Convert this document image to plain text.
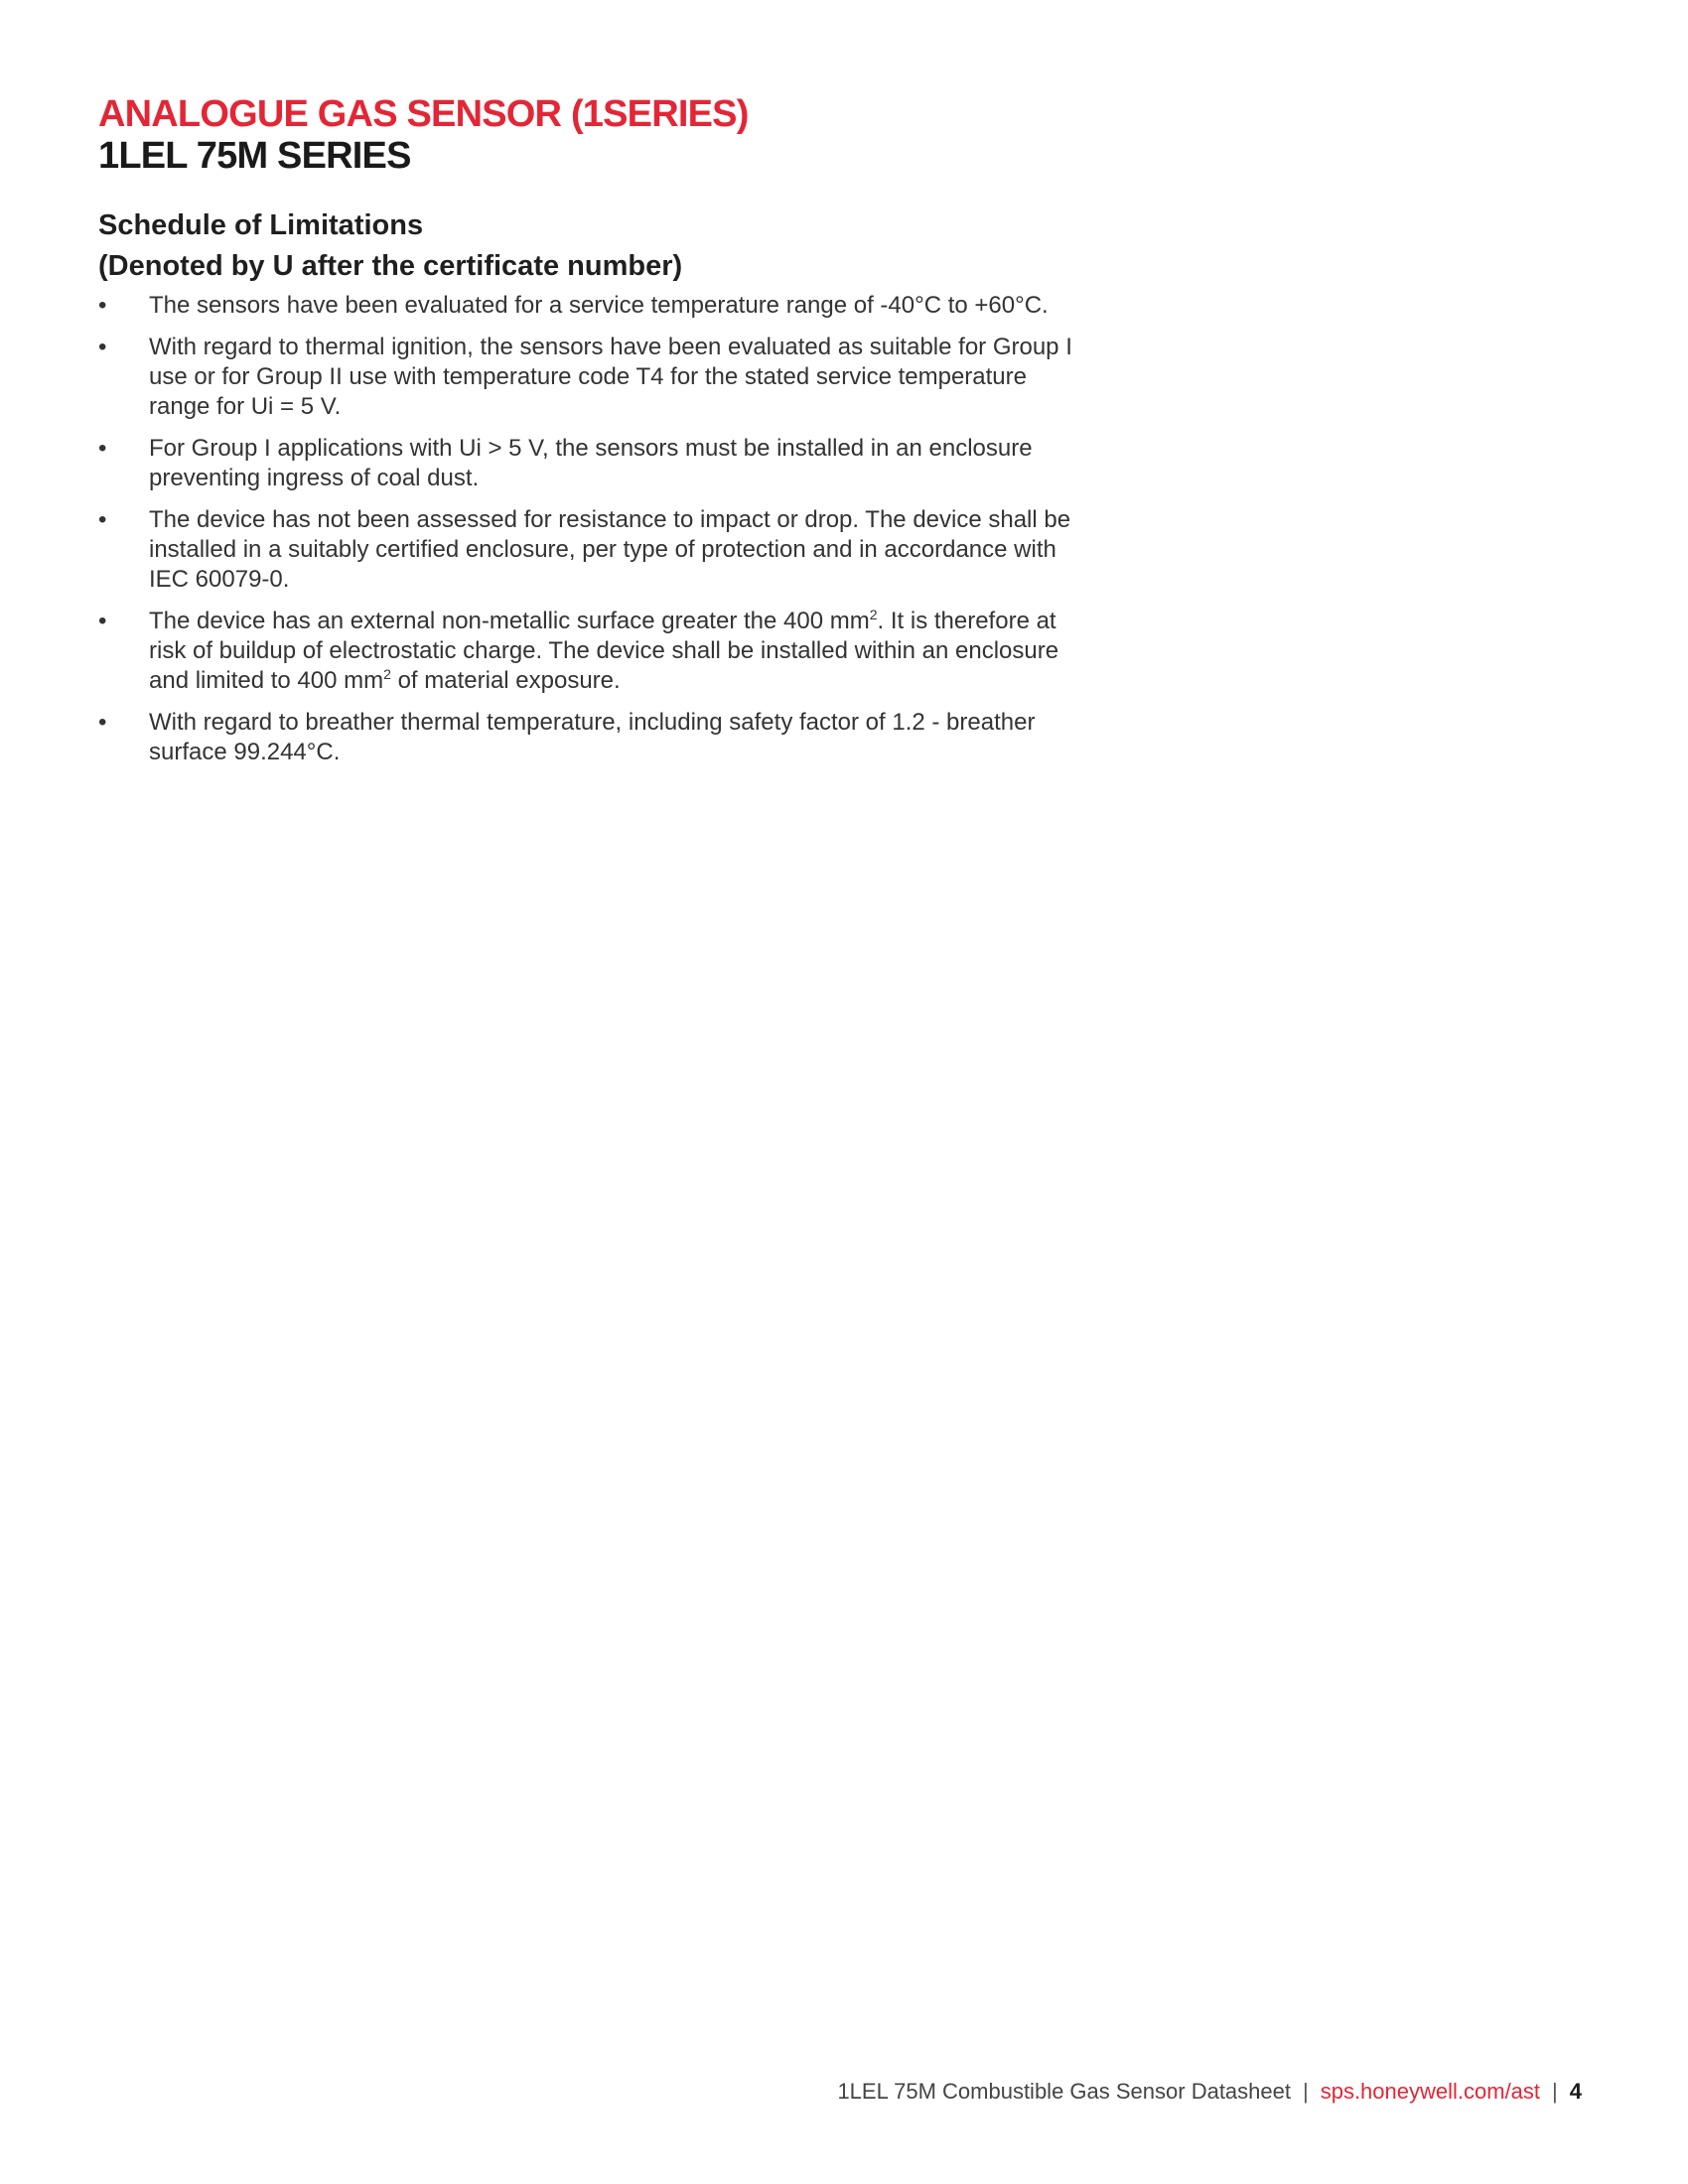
ANALOGUE GAS SENSOR (1SERIES)
1LEL 75M SERIES
Schedule of Limitations
(Denoted by U after the certificate number)
•	The sensors have been evaluated for a service temperature range of -40°C to +60°C.
•	With regard to thermal ignition, the sensors have been evaluated as suitable for Group I use or for Group II use with temperature code T4 for the stated service temperature range for Ui = 5 V.
•	For Group I applications with Ui > 5 V, the sensors must be installed in an enclosure preventing ingress of coal dust.
•	The device has not been assessed for resistance to impact or drop. The device shall be installed in a suitably certified enclosure, per type of protection and in accordance with IEC 60079-0.
•	The device has an external non-metallic surface greater the 400 $mm^2$. It is therefore at risk of buildup of electrostatic charge. The device shall be installed within an enclosure and limited to 400 $mm^2$ of material exposure.
•	With regard to breather thermal temperature, including safety factor of 1.2 - breather surface 99.244°C.
1LEL 75M Combustible Gas Sensor Datasheet | sps.honeywell.com/ast | 4
